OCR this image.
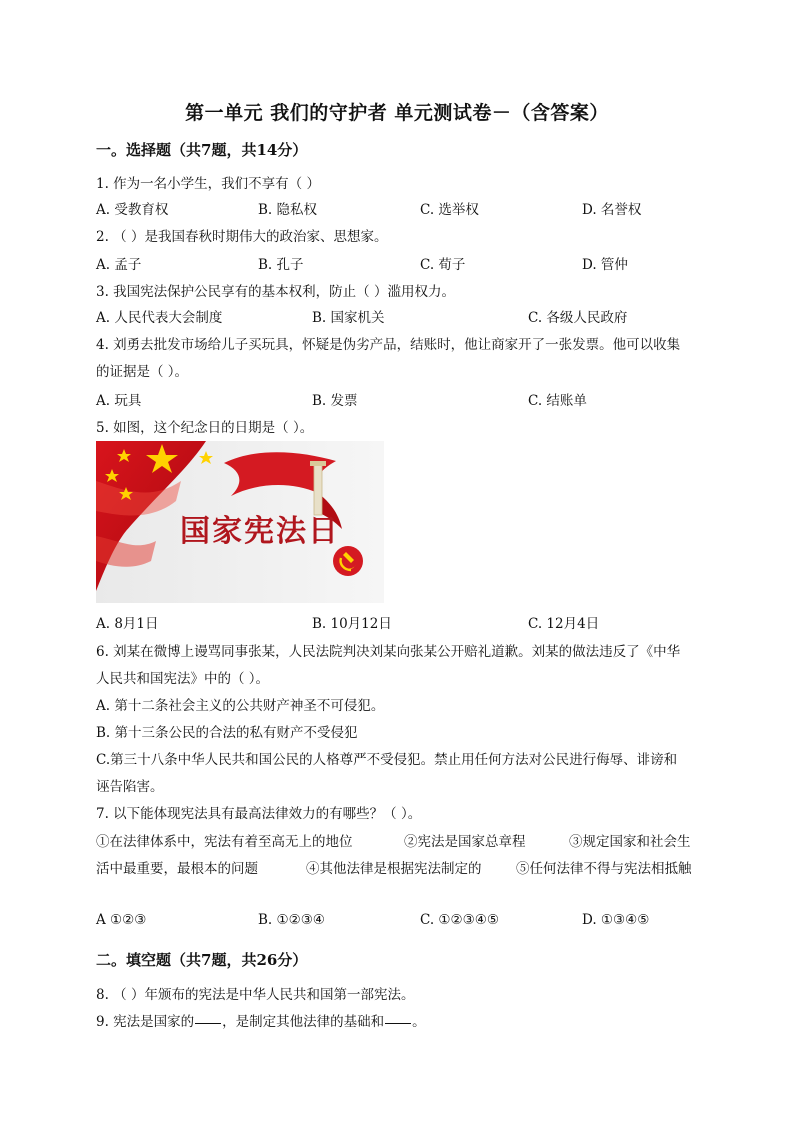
第一单元 我们的守护者 单元测试卷－（含答案）
一。选择题（共7题，共14分）
1. 作为一名小学生，我们不享有（ ）
A. 受教育权	B. 隐私权	C. 选举权	D. 名誉权
2. （ ）是我国春秋时期伟大的政治家、思想家。
A. 孟子	B. 孔子	C. 荀子	D. 管仲
3. 我国宪法保护公民享有的基本权利，防止（ ）滥用权力。
A. 人民代表大会制度	B. 国家机关	C. 各级人民政府
4. 刘勇去批发市场给儿子买玩具，怀疑是伪劣产品，结账时，他让商家开了一张发票。他可以收集
的证据是（ ）。
A. 玩具	B. 发票	C. 结账单
5. 如图，这个纪念日的日期是（ ）。
国家宪法日
A. 8月1日	B. 10月12日	C. 12月4日
6. 刘某在微博上谩骂同事张某，人民法院判决刘某向张某公开赔礼道歉。刘某的做法违反了《中华
人民共和国宪法》中的（ ）。
A. 第十二条社会主义的公共财产神圣不可侵犯。
B. 第十三条公民的合法的私有财产不受侵犯
C.第三十八条中华人民共和国公民的人格尊严不受侵犯。禁止用任何方法对公民进行侮辱、诽谤和
诬告陷害。
7. 以下能体现宪法具有最高法律效力的有哪些？（ ）。
①在法律体系中，宪法有着至高无上的地位	②宪法是国家总章程	③规定国家和社会生
活中最重要，最根本的问题	④其他法律是根据宪法制定的	⑤任何法律不得与宪法相抵触
A ①②③	B. ①②③④	C. ①②③④⑤	D. ①③④⑤
二。填空题（共7题，共26分）
8. （ ）年颁布的宪法是中华人民共和国第一部宪法。
9. 宪法是国家的 ，是制定其他法律的基础和 。
